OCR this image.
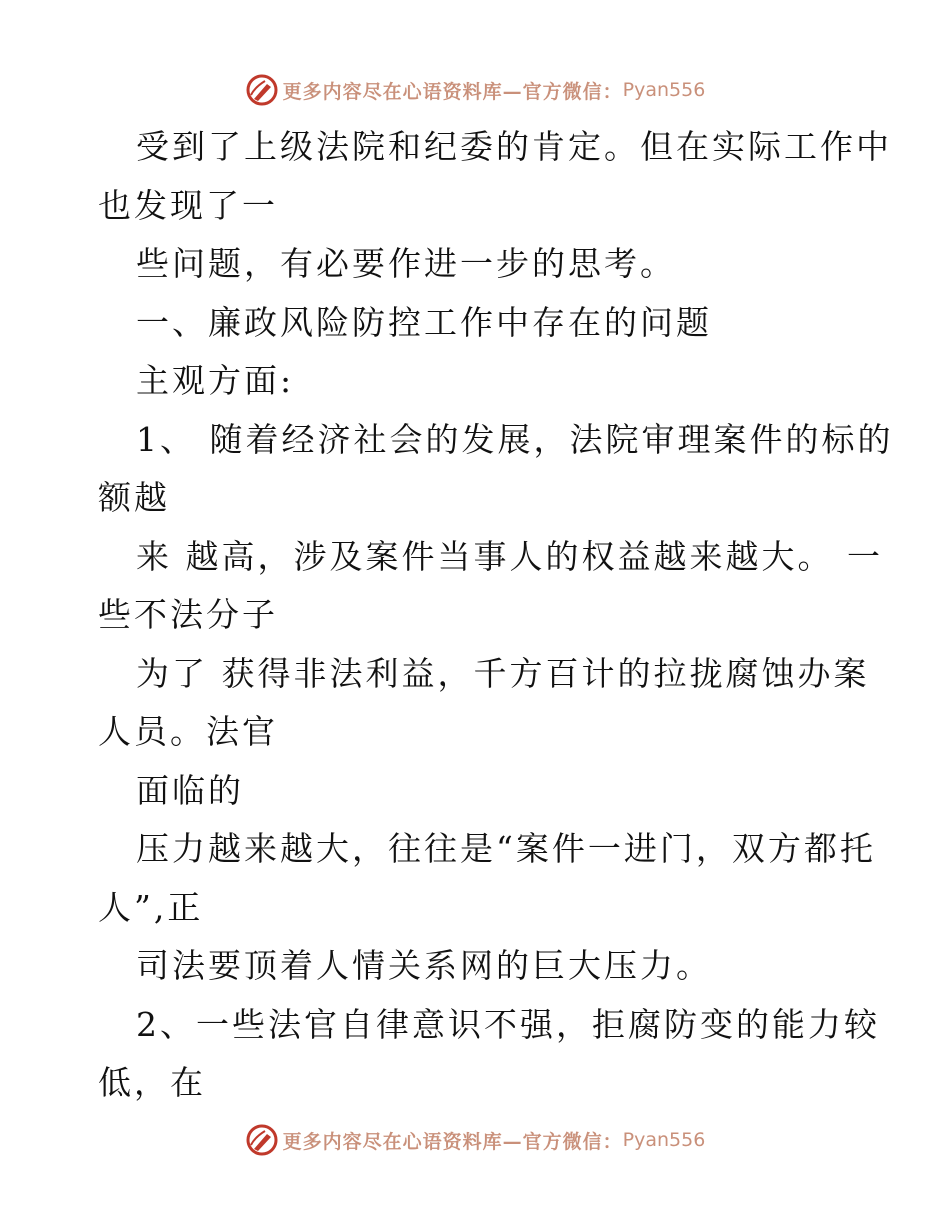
更多内容尽在心语资料库—官方微信： Pyan556
受到了上级法院和纪委的肯定。但在实际工作中
也发现了一
些问题，有必要作进一步的思考。
一、廉政风险防控工作中存在的问题
主观方面:
1、 随着经济社会的发展，法院审理案件的标的
额越
来 越高，涉及案件当事人的权益越来越大。 一
些不法分子
为了 获得非法利益，千方百计的拉拢腐蚀办案
人员。法官
面临的
压力越来越大，往往是“案件一进门，双方都托
人”,正
司法要顶着人情关系网的巨大压力。
2、一些法官自律意识不强，拒腐防变的能力较
低，在
更多内容尽在心语资料库—官方微信： Pyan556
